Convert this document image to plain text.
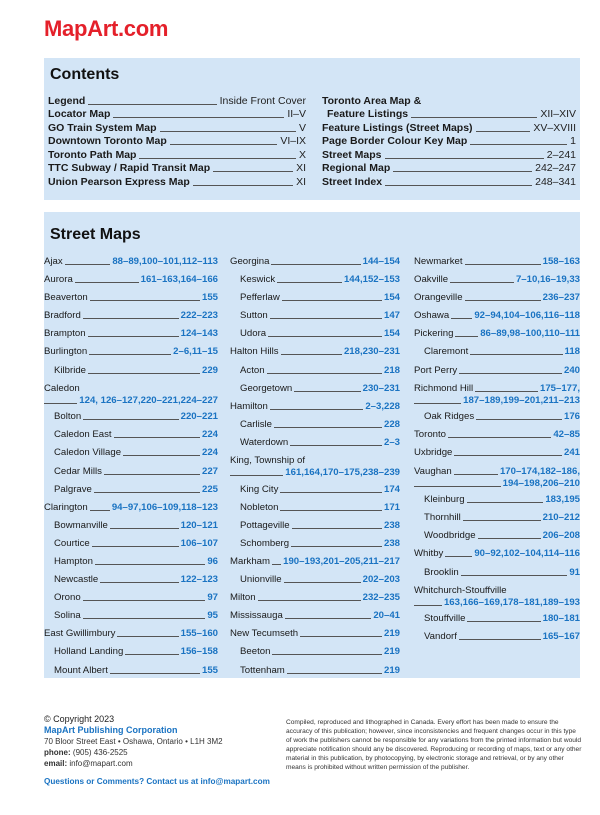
MapArt.com
Contents
Legend	Inside Front Cover
Locator Map	II–V
GO Train System Map	V
Downtown Toronto Map	VI–IX
Toronto Path Map	X
TTC Subway / Rapid Transit Map	XI
Union Pearson Express Map	XI
Toronto Area Map &
Feature Listings	XII–XIV
Feature Listings (Street Maps)	XV–XVIII
Page Border Colour Key Map	1
Street Maps	2–241
Regional Map	242–247
Street Index	248–341
Street Maps
Ajax	88–89,100–101,112–113
Aurora	161–163,164–166
Beaverton	155
Bradford	222–223
Brampton	124–143
Burlington	2–6,11–15
Kilbride	229
Caledon
124, 126–127,220–221,224–227
Bolton	220–221
Caledon East	224
Caledon Village	224
Cedar Mills	227
Palgrave	225
Clarington	94–97,106–109,118–123
Bowmanville	120–121
Courtice	106–107
Hampton	96
Newcastle	122–123
Orono	97
Solina	95
East Gwillimbury	155–160
Holland Landing	156–158
Mount Albert	155
Georgina	144–154
Keswick	144,152–153
Pefferlaw	154
Sutton	147
Udora	154
Halton Hills	218,230–231
Acton	218
Georgetown	230–231
Hamilton	2–3,228
Carlisle	228
Waterdown	2–3
King, Township of
161,164,170–175,238–239
King City	174
Nobleton	171
Pottageville	238
Schomberg	238
Markham 190–193,201–205,211–217
Unionville	202–203
Milton	232–235
Mississauga	20–41
New Tecumseth	219
Beeton	219
Tottenham	219
Newmarket	158–163
Oakville	7–10,16–19,33
Orangeville	236–237
Oshawa	92–94,104–106,116–118
Pickering	86–89,98–100,110–111
Claremont	118
Port Perry	240
Richmond Hill	175–177,
187–189,199–201,211–213
Oak Ridges	176
Toronto	42–85
Uxbridge	241
Vaughan	170–174,182–186,
194–198,206–210
Kleinburg	183,195
Thornhill	210–212
Woodbridge	206–208
Whitby	90–92,102–104,114–116
Brooklin	91
Whitchurch-Stouffville
163,166–169,178–181,189–193
Stouffville	180–181
Vandorf	165–167
© Copyright 2023
MapArt Publishing Corporation
70 Bloor Street East • Oshawa, Ontario • L1H 3M2
phone: (905) 436-2525
email: info@mapart.com
Questions or Comments? Contact us at info@mapart.com
Compiled, reproduced and lithographed in Canada. Every effort has been made to ensure the accuracy of this publication; however, since inconsistencies and frequent changes occur in this type of work the publishers cannot be responsible for any variations from the printed information but would appreciate notification should any be discovered. Reproducing or recording of maps, text or any other material in this publication, by photocopying, by electronic storage and retrieval, or by any other means is prohibited without written permission of the publisher.
